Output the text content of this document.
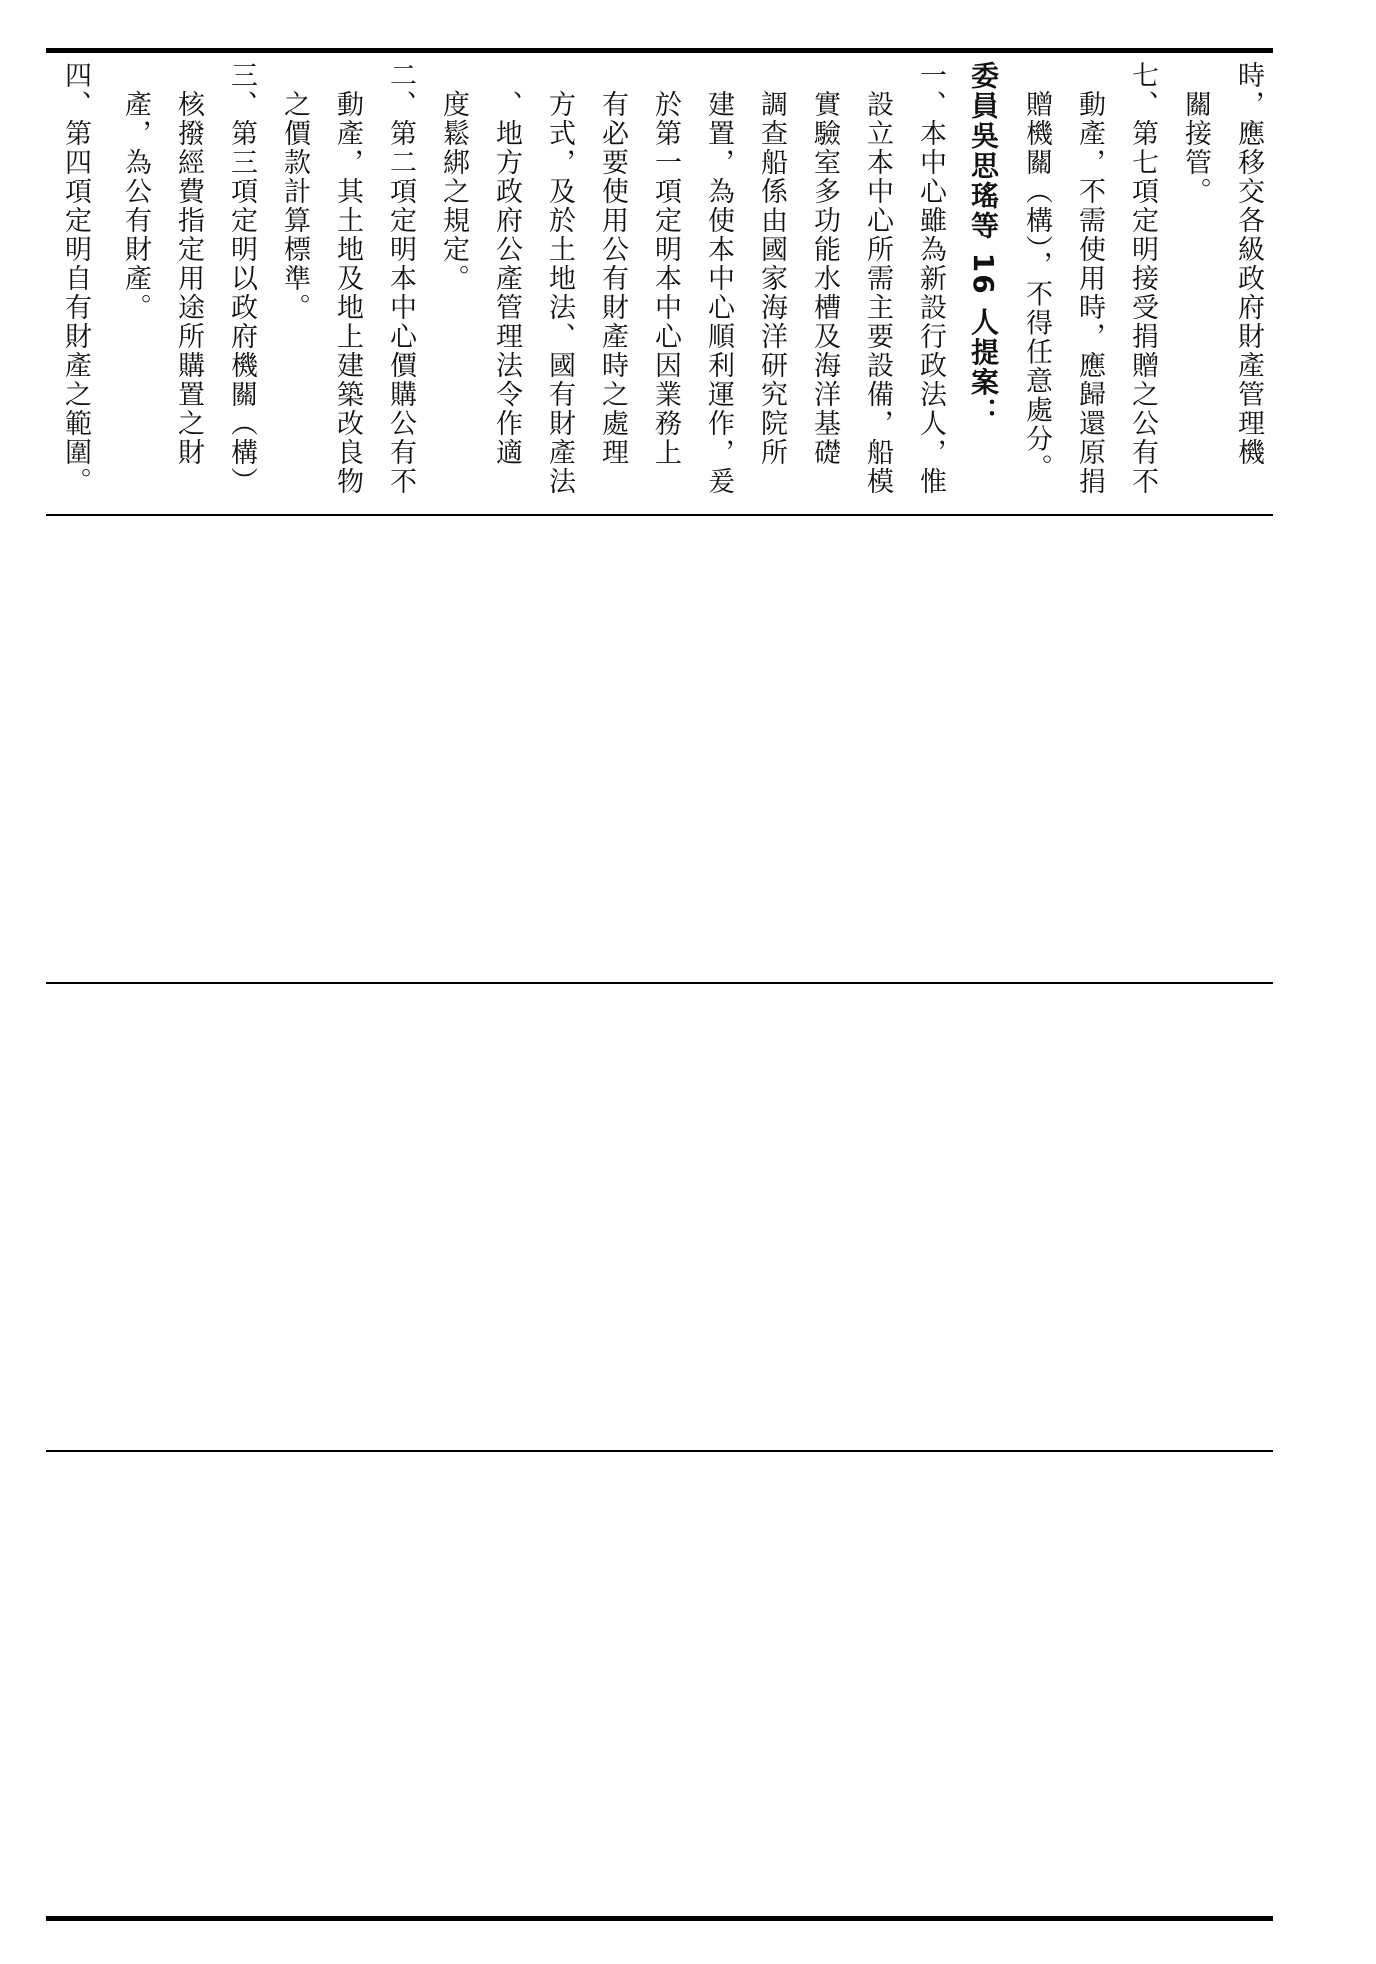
時，應移交各級政府財產管理機
　關接管。
七、第七項定明接受捐贈之公有不
　動產，不需使用時，應歸還原捐
　贈機關（構），不得任意處分。
委員吳思瑤等 16 人提案：
一、本中心雖為新設行政法人，惟
　設立本中心所需主要設備，船模
　實驗室多功能水槽及海洋基礎
　調查船係由國家海洋研究院所
　建置，為使本中心順利運作，爰
　於第一項定明本中心因業務上
　有必要使用公有財產時之處理
　方式，及於土地法、國有財產法
　、地方政府公產管理法令作適
　度鬆綁之規定。
二、第二項定明本中心價購公有不
　動產，其土地及地上建築改良物
　之價款計算標準。
三、第三項定明以政府機關（構）
　核撥經費指定用途所購置之財
　產，為公有財產。
四、第四項定明自有財產之範圍。
